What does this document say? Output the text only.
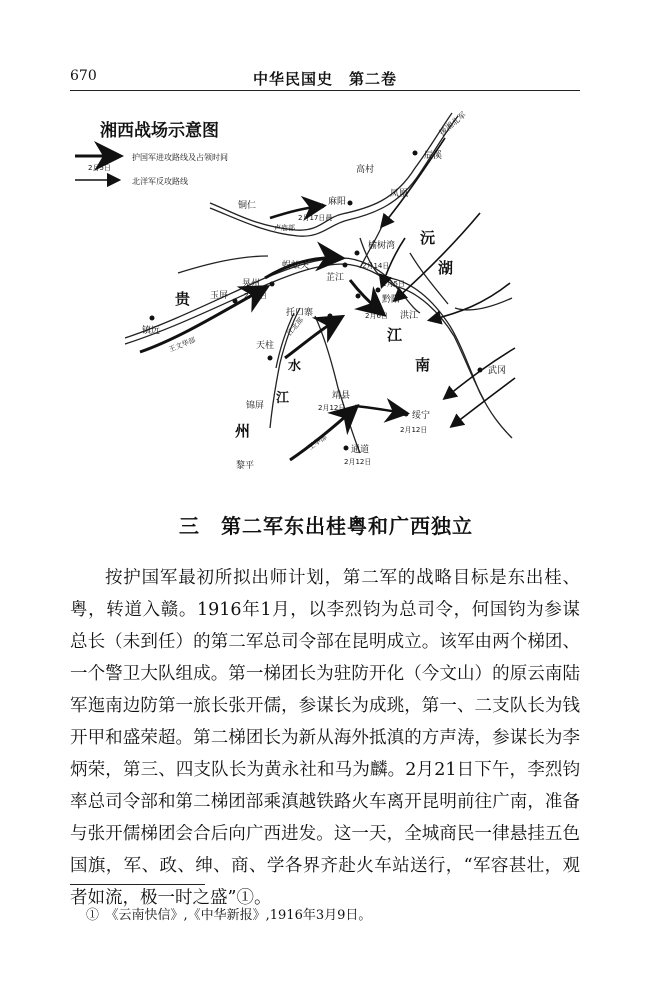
670	中华民国史　第二卷
2月5日
护国军进攻路线及占领时间
北洋军反攻路线
凤凰
辰溪
援湘北军
高村
铜仁	麻阳
2月17日晨
卢庙部
榆树湾 沅
湖
蜈蚣关	2月14日
芷江
晃州
2月3日
玉屏
贵
镇远
王文华部
2月5日
黔阳
天柱
江北部
托口寨	2月6日 洪江
江
南
水	武冈
江
锦屏
靖县
2月12日
绥宁
2月12日
州
王华部	通道
2月12日
黎平
湘西战场示意图
三　第二军东出桂粤和广西独立

按护国军最初所拟出师计划，第二军的战略目标是东出桂、粤，转道入赣。1916年1月，以李烈钧为总司令，何国钧为参谋总长（未到任）的第二军总司令部在昆明成立。该军由两个梯团、一个警卫大队组成。第一梯团长为驻防开化（今文山）的原云南陆军迤南边防第一旅长张开儒，参谋长为成珧，第一、二支队长为钱开甲和盛荣超。第二梯团长为新从海外抵滇的方声涛，参谋长为李炳荣，第三、四支队长为黄永社和马为麟。2月21日下午，李烈钧率总司令部和第二梯团部乘滇越铁路火车离开昆明前往广南，准备与张开儒梯团会合后向广西进发。这一天，全城商民一律悬挂五色国旗，军、政、绅、商、学各界齐赴火车站送行，“军容甚壮，观者如流，极一时之盛”①。

①　《云南快信》,《中华新报》,1916年3月9日。
